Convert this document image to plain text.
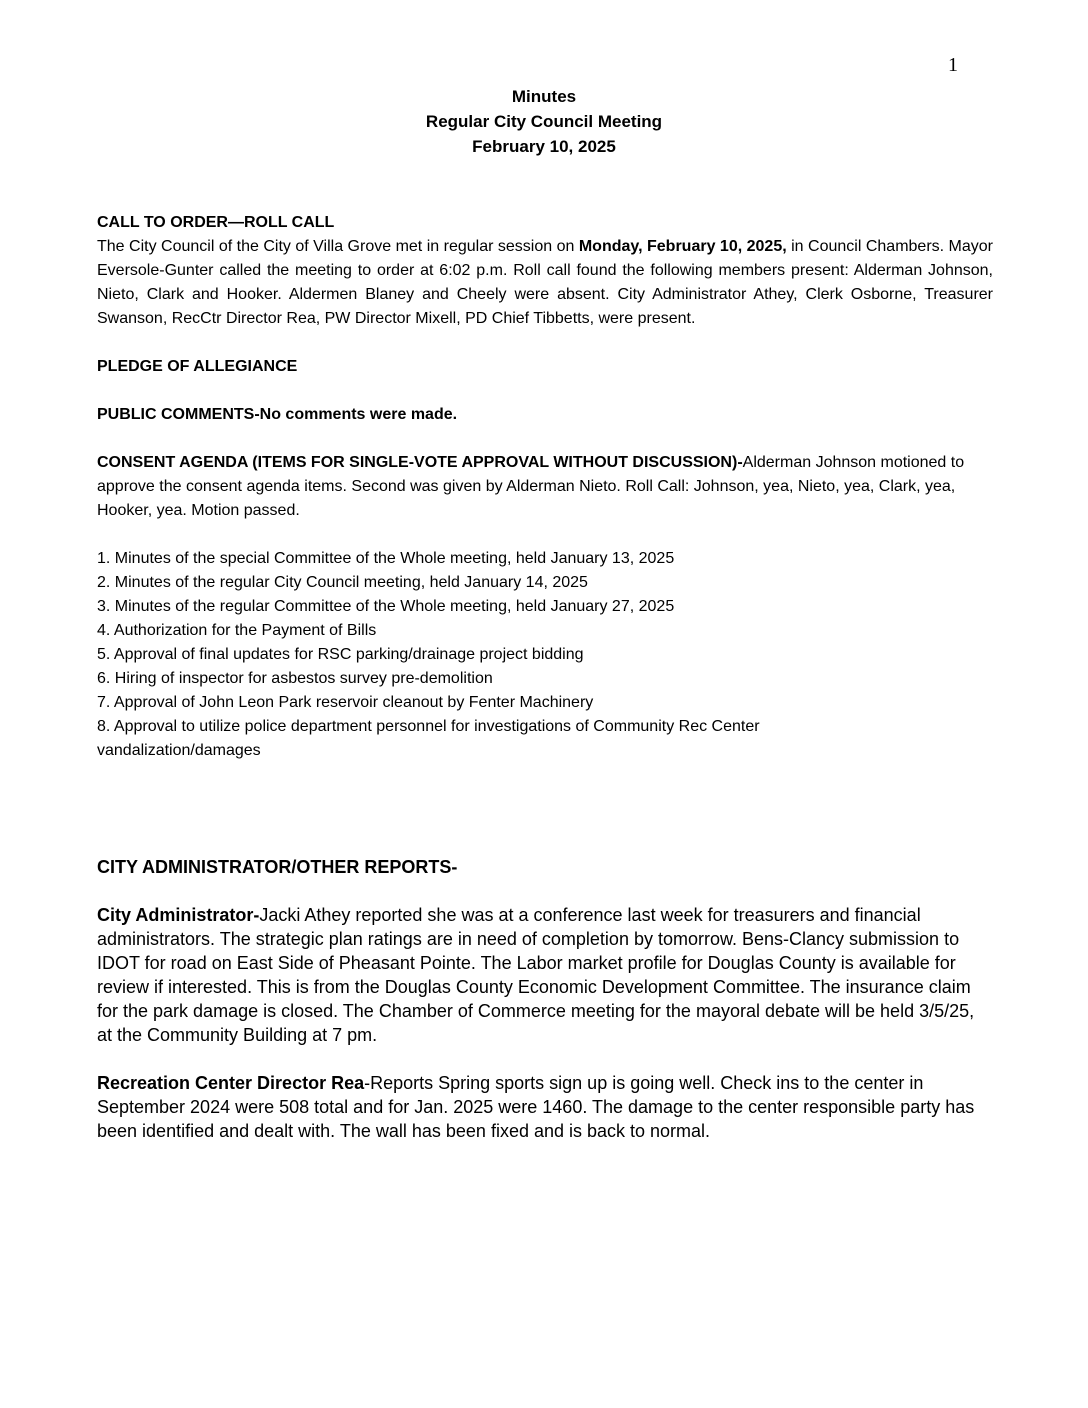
1
Minutes
Regular City Council Meeting
February 10, 2025
CALL TO ORDER—ROLL CALL

The City Council of the City of Villa Grove met in regular session on Monday, February 10, 2025, in Council Chambers. Mayor Eversole-Gunter called the meeting to order at 6:02 p.m. Roll call found the following members present: Alderman Johnson, Nieto, Clark and Hooker. Aldermen Blaney and Cheely were absent. City Administrator Athey, Clerk Osborne, Treasurer Swanson, RecCtr Director Rea, PW Director Mixell, PD Chief Tibbetts, were present.

PLEDGE OF ALLEGIANCE
PUBLIC COMMENTS-No comments were made.

CONSENT AGENDA (ITEMS FOR SINGLE-VOTE APPROVAL WITHOUT DISCUSSION)-Alderman Johnson motioned to approve the consent agenda items. Second was given by Alderman Nieto. Roll Call: Johnson, yea, Nieto, yea, Clark, yea, Hooker, yea. Motion passed.

1. Minutes of the special Committee of the Whole meeting, held January 13, 2025
2. Minutes of the regular City Council meeting, held January 14, 2025
3. Minutes of the regular Committee of the Whole meeting, held January 27, 2025
4. Authorization for the Payment of Bills
5. Approval of final updates for RSC parking/drainage project bidding
6. Hiring of inspector for asbestos survey pre-demolition
7. Approval of John Leon Park reservoir cleanout by Fenter Machinery
8. Approval to utilize police department personnel for investigations of Community Rec Center vandalization/damages
CITY ADMINISTRATOR/OTHER REPORTS-

City Administrator-Jacki Athey reported she was at a conference last week for treasurers and financial administrators. The strategic plan ratings are in need of completion by tomorrow. Bens-Clancy submission to IDOT for road on East Side of Pheasant Pointe. The Labor market profile for Douglas County is available for review if interested. This is from the Douglas County Economic Development Committee. The insurance claim for the park damage is closed. The Chamber of Commerce meeting for the mayoral debate will be held 3/5/25, at the Community Building at 7 pm.

Recreation Center Director Rea-Reports Spring sports sign up is going well. Check ins to the center in September 2024 were 508 total and for Jan. 2025 were 1460. The damage to the center responsible party has been identified and dealt with. The wall has been fixed and is back to normal.
